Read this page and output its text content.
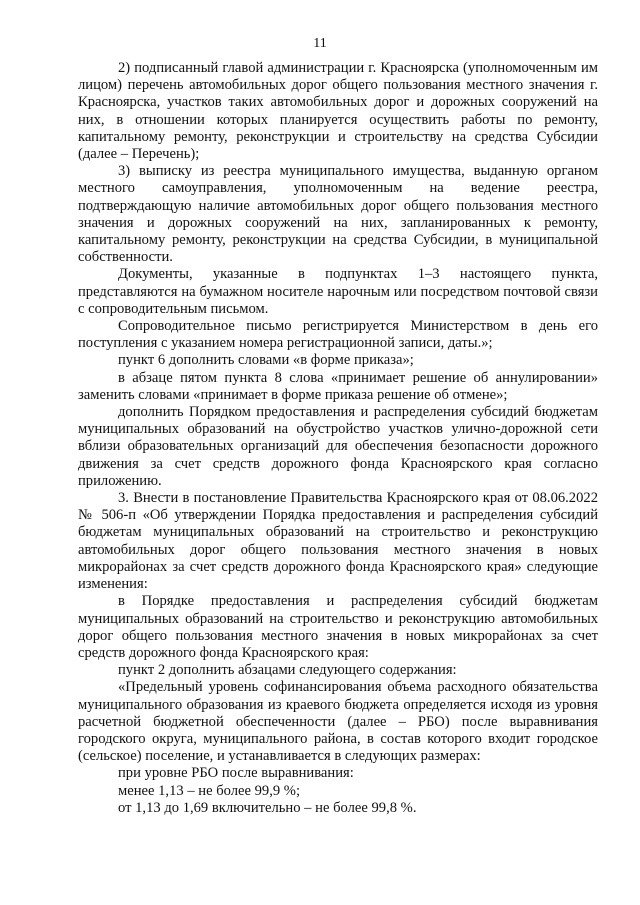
11

2) подписанный главой администрации г. Красноярска (уполномоченным им лицом) перечень автомобильных дорог общего пользования местного значения г. Красноярска, участков таких автомобильных дорог и дорожных сооружений на них, в отношении которых планируется осуществить работы по ремонту, капитальному ремонту, реконструкции и строительству на средства Субсидии (далее – Перечень);

3) выписку из реестра муниципального имущества, выданную органом местного самоуправления, уполномоченным на ведение реестра, подтверждающую наличие автомобильных дорог общего пользования местного значения и дорожных сооружений на них, запланированных к ремонту, капитальному ремонту, реконструкции на средства Субсидии, в муниципальной собственности.

Документы, указанные в подпунктах 1–3 настоящего пункта, представляются на бумажном носителе нарочным или посредством почтовой связи с сопроводительным письмом.

Сопроводительное письмо регистрируется Министерством в день его поступления с указанием номера регистрационной записи, даты.»;

пункт 6 дополнить словами «в форме приказа»;

в абзаце пятом пункта 8 слова «принимает решение об аннулировании» заменить словами «принимает в форме приказа решение об отмене»;

дополнить Порядком предоставления и распределения субсидий бюджетам муниципальных образований на обустройство участков улично-дорожной сети вблизи образовательных организаций для обеспечения безопасности дорожного движения за счет средств дорожного фонда Красноярского края согласно приложению.

3. Внести в постановление Правительства Красноярского края от 08.06.2022 № 506-п «Об утверждении Порядка предоставления и распределения субсидий бюджетам муниципальных образований на строительство и реконструкцию автомобильных дорог общего пользования местного значения в новых микрорайонах за счет средств дорожного фонда Красноярского края» следующие изменения:

в Порядке предоставления и распределения субсидий бюджетам муниципальных образований на строительство и реконструкцию автомобильных дорог общего пользования местного значения в новых микрорайонах за счет средств дорожного фонда Красноярского края:

пункт 2 дополнить абзацами следующего содержания:

«Предельный уровень софинансирования объема расходного обязательства муниципального образования из краевого бюджета определяется исходя из уровня расчетной бюджетной обеспеченности (далее – РБО) после выравнивания городского округа, муниципального района, в состав которого входит городское (сельское) поселение, и устанавливается в следующих размерах:

при уровне РБО после выравнивания:

менее 1,13 – не более 99,9 %;

от 1,13 до 1,69 включительно – не более 99,8 %.
